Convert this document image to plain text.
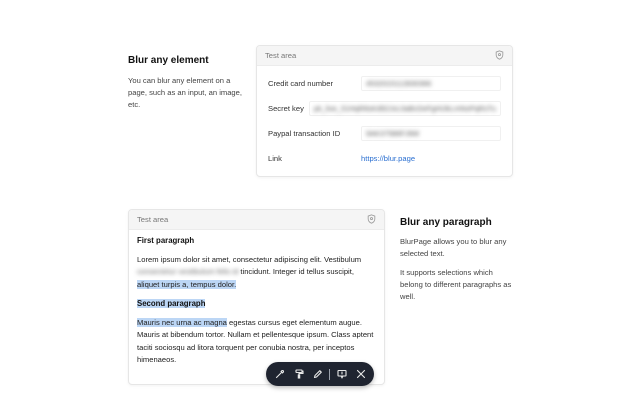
Blur any element

You can blur any element on a page, such as an input, an image, etc.

Test area
Credit card number	4532015112830366
Secret key	pk_live_51HqR8sKd92JxL0aBcDeFgHiJkLmNoPqRsTu
Paypal transaction ID	9AK37586FJ6M
Link	https://blur.page
Test area
First paragraph

Lorem ipsum dolor sit amet, consectetur adipiscing elit. Vestibulum consectetur vestibulum felis id tincidunt. Integer id tellus suscipit, aliquet turpis a, tempus dolor.

Second paragraph

Mauris nec urna ac magna egestas cursus eget elementum augue. Mauris at bibendum tortor. Nullam et pellentesque ipsum. Class aptent taciti sociosqu ad litora torquent per conubia nostra, per inceptos himenaeos.

Blur any paragraph

BlurPage allows you to blur any selected text.

It supports selections which belong to different paragraphs as well.
